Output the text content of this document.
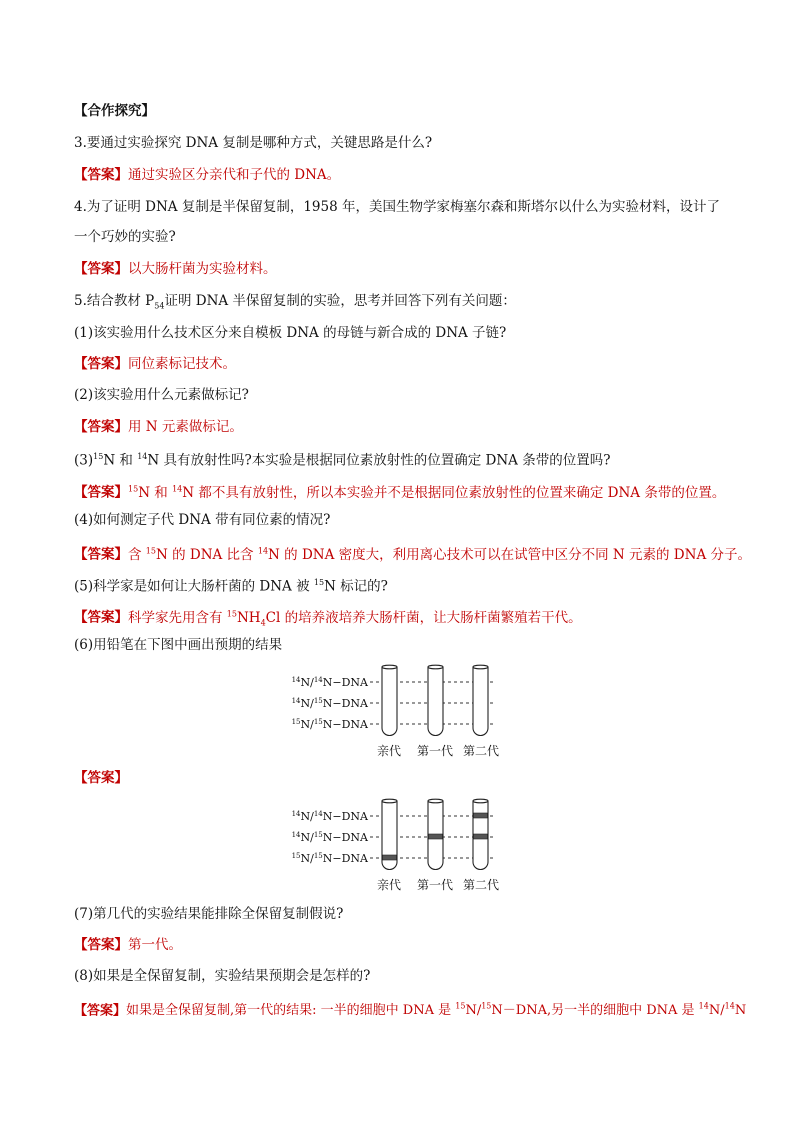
【合作探究】
3.要通过实验探究 DNA 复制是哪种方式，关键思路是什么?
【答案】通过实验区分亲代和子代的 DNA。
4.为了证明 DNA 复制是半保留复制，1958 年，美国生物学家梅塞尔森和斯塔尔以什么为实验材料，设计了
一个巧妙的实验?
【答案】以大肠杆菌为实验材料。
5.结合教材 $P_{54}$证明 DNA 半保留复制的实验，思考并回答下列有关问题：
(1)该实验用什么技术区分来自模板 DNA 的母链与新合成的 DNA 子链?
【答案】同位素标记技术。
(2)该实验用什么元素做标记?
【答案】用 N 元素做标记。
$(3)^{15}N$ 和 $^{14}$N 具有放射性吗?本实验是根据同位素放射性的位置确定 DNA 条带的位置吗?
【答案】$^{15}$N 和 $^{14}$N 都不具有放射性，所以本实验并不是根据同位素放射性的位置来确定 DNA 条带的位置。
(4)如何测定子代 DNA 带有同位素的情况?
【答案】含 $^{15}$N 的 DNA 比含 $^{14}$N 的 DNA 密度大，利用离心技术可以在试管中区分不同 N 元素的 DNA 分子。
(5)科学家是如何让大肠杆菌的 DNA 被 $^{15}$N 标记的?
【答案】科学家先用含有 $^{15}NH_4Cl$ 的培养液培养大肠杆菌，让大肠杆菌繁殖若干代。
(6)用铅笔在下图中画出预期的结果
$^{14}$N/$^{14}$N−DNA
$^{14}$N/$^{15}$N−DNA
$^{15}$N/$^{15}$N−DNA
亲代 第一代 第二代
【答案】
$^{14}$N/$^{14}$N−DNA
$^{14}$N/$^{15}$N−DNA
$^{15}$N/$^{15}$N−DNA
亲代 第一代 第二代
(7)第几代的实验结果能排除全保留复制假说?
【答案】第一代。
(8)如果是全保留复制，实验结果预期会是怎样的?
【答案】如果是全保留复制,第一代的结果: 一半的细胞中 DNA 是 $^{15}$N/$^{15}$N－DNA,另一半的细胞中 DNA 是 $^{14}$N/$^{14}$N
